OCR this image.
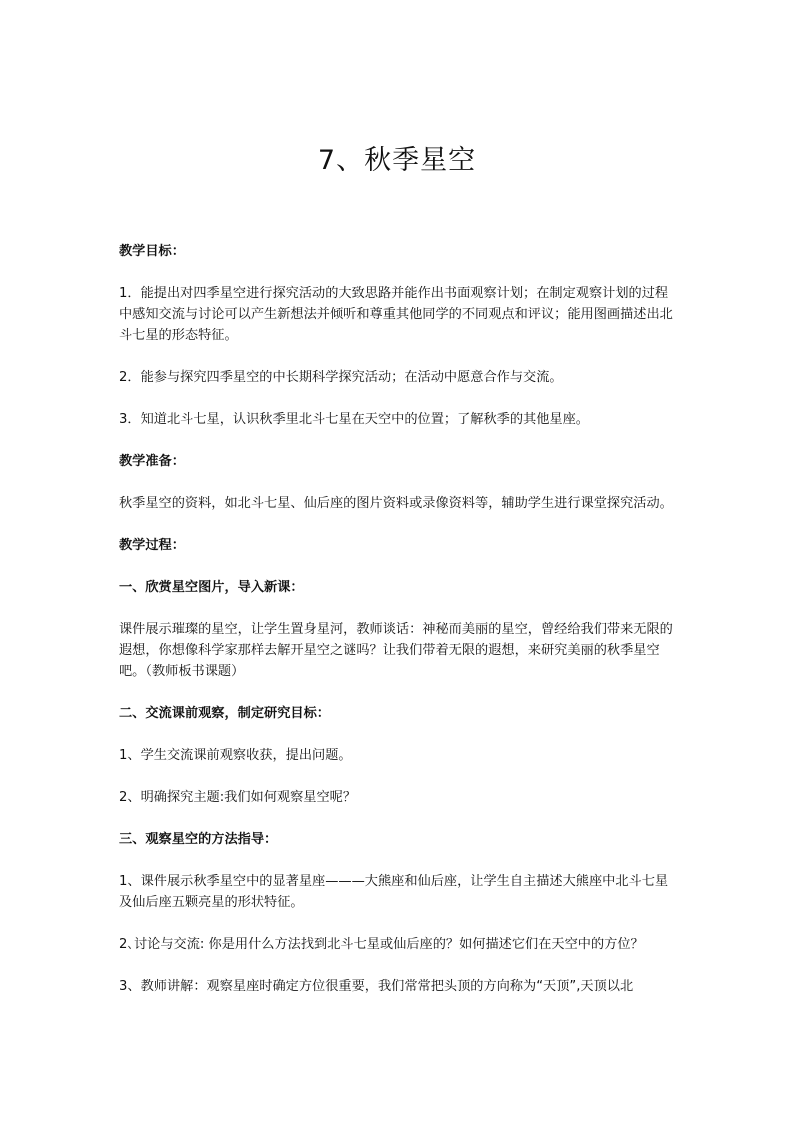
7、秋季星空

教学目标：

1．能提出对四季星空进行探究活动的大致思路并能作出书面观察计划；在制定观察计划的过程中感知交流与讨论可以产生新想法并倾听和尊重其他同学的不同观点和评议；能用图画描述出北斗七星的形态特征。

2．能参与探究四季星空的中长期科学探究活动；在活动中愿意合作与交流。

3．知道北斗七星，认识秋季里北斗七星在天空中的位置；了解秋季的其他星座。

教学准备：

秋季星空的资料，如北斗七星、仙后座的图片资料或录像资料等，辅助学生进行课堂探究活动。

教学过程：

一、欣赏星空图片，导入新课：

课件展示璀璨的星空，让学生置身星河，教师谈话：神秘而美丽的星空，曾经给我们带来无限的遐想，你想像科学家那样去解开星空之谜吗？让我们带着无限的遐想，来研究美丽的秋季星空吧。（教师板书课题）

二、交流课前观察，制定研究目标：

1、学生交流课前观察收获，提出问题。

2、明确探究主题:我们如何观察星空呢？

三、观察星空的方法指导：

1、课件展示秋季星空中的显著星座———大熊座和仙后座，让学生自主描述大熊座中北斗七星及仙后座五颗亮星的形状特征。

2､讨论与交流: 你是用什么方法找到北斗七星或仙后座的？如何描述它们在天空中的方位？

3、教师讲解：观察星座时确定方位很重要，我们常常把头顶的方向称为“天顶”,天顶以北
